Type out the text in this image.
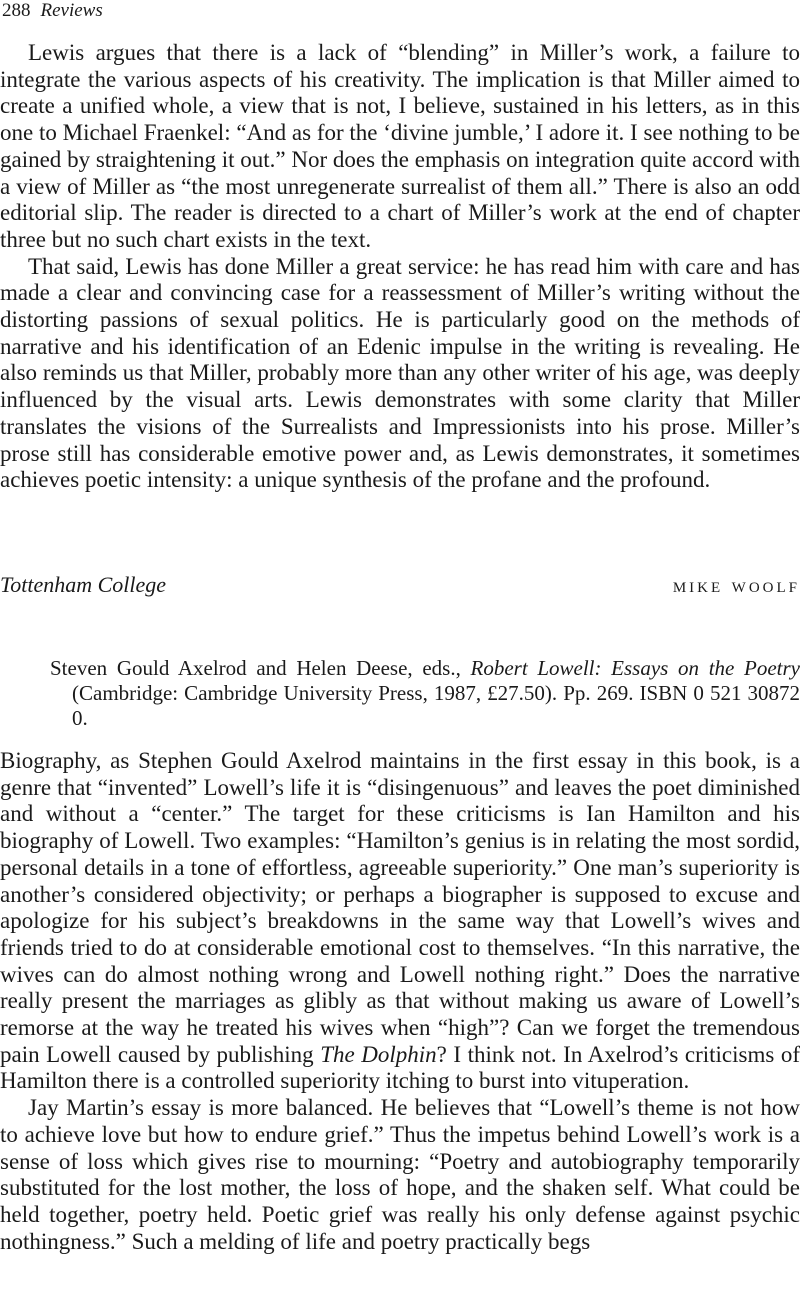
288 Reviews

Lewis argues that there is a lack of “blending” in Miller’s work, a failure to integrate the various aspects of his creativity. The implication is that Miller aimed to create a unified whole, a view that is not, I believe, sustained in his letters, as in this one to Michael Fraenkel: “And as for the ‘divine jumble,’ I adore it. I see nothing to be gained by straightening it out.” Nor does the emphasis on integration quite accord with a view of Miller as “the most unregenerate surrealist of them all.” There is also an odd editorial slip. The reader is directed to a chart of Miller’s work at the end of chapter three but no such chart exists in the text.

That said, Lewis has done Miller a great service: he has read him with care and has made a clear and convincing case for a reassessment of Miller’s writing without the distorting passions of sexual politics. He is particularly good on the methods of narrative and his identification of an Edenic impulse in the writing is revealing. He also reminds us that Miller, probably more than any other writer of his age, was deeply influenced by the visual arts. Lewis demonstrates with some clarity that Miller translates the visions of the Surrealists and Impressionists into his prose. Miller’s prose still has considerable emotive power and, as Lewis demonstrates, it sometimes achieves poetic intensity: a unique synthesis of the profane and the profound.

Tottenham College	mike woolf

Steven Gould Axelrod and Helen Deese, eds., Robert Lowell: Essays on the Poetry (Cambridge: Cambridge University Press, 1987, £27.50). Pp. 269. ISBN 0 521 30872 0.

Biography, as Stephen Gould Axelrod maintains in the first essay in this book, is a genre that “invented” Lowell’s life it is “disingenuous” and leaves the poet diminished and without a “center.” The target for these criticisms is Ian Hamilton and his biography of Lowell. Two examples: “Hamilton’s genius is in relating the most sordid, personal details in a tone of effortless, agreeable superiority.” One man’s superiority is another’s considered objectivity; or perhaps a biographer is supposed to excuse and apologize for his subject’s breakdowns in the same way that Lowell’s wives and friends tried to do at considerable emotional cost to themselves. “In this narrative, the wives can do almost nothing wrong and Lowell nothing right.” Does the narrative really present the marriages as glibly as that without making us aware of Lowell’s remorse at the way he treated his wives when “high”? Can we forget the tremendous pain Lowell caused by publishing The Dolphin? I think not. In Axelrod’s criticisms of Hamilton there is a controlled superiority itching to burst into vituperation.

Jay Martin’s essay is more balanced. He believes that “Lowell’s theme is not how to achieve love but how to endure grief.” Thus the impetus behind Lowell’s work is a sense of loss which gives rise to mourning: “Poetry and autobiography temporarily substituted for the lost mother, the loss of hope, and the shaken self. What could be held together, poetry held. Poetic grief was really his only defense against psychic nothingness.” Such a melding of life and poetry practically begs
